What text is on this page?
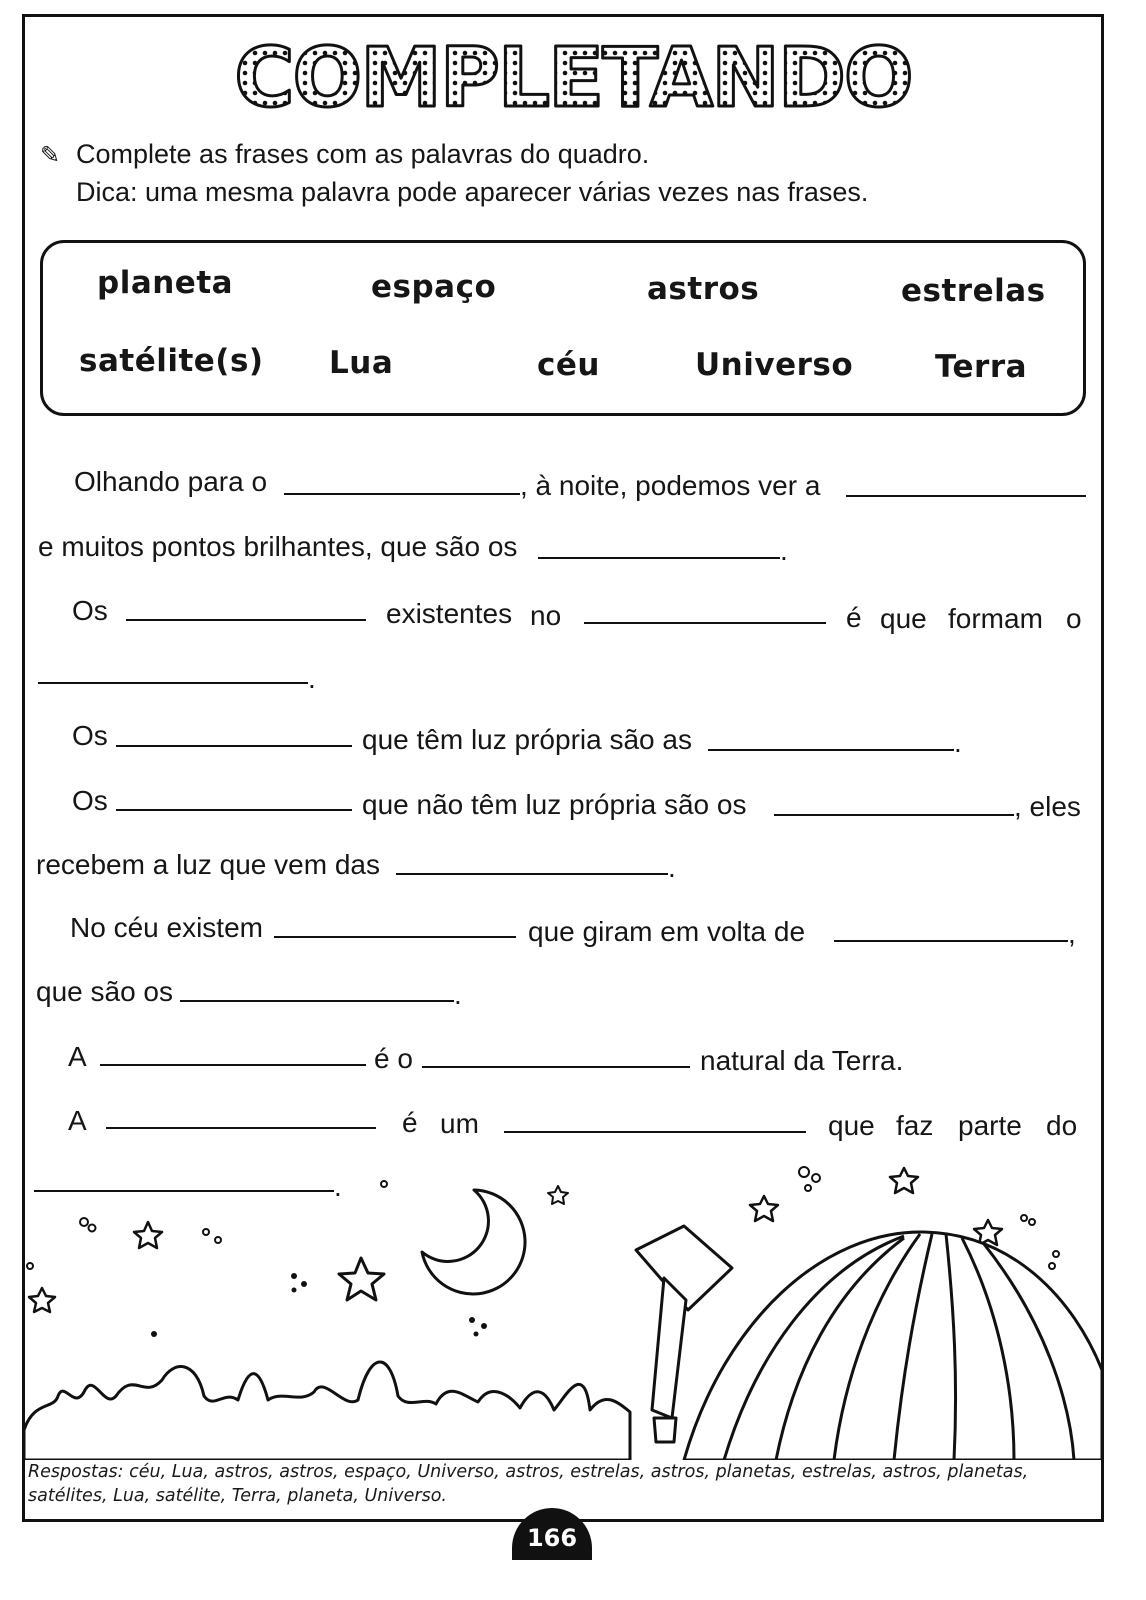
COMPLETANDO
✎ Complete as frases com as palavras do quadro.
Dica: uma mesma palavra pode aparecer várias vezes nas frases.
planeta	espaço	astros	estrelas
satélite(s) Lua	céu	Universo	Terra
Olhando para o	, à noite, podemos ver a
e muitos pontos brilhantes, que são os	.
Os	existentes no	é que formam o
.
Os	que têm luz própria são as	.
Os	que não têm luz própria são os	, eles
recebem a luz que vem das	.
No céu existem	que giram em volta de	,
que são os	.
A	é o	natural da Terra.
A	é um	que faz parte do
.
Respostas: céu, Lua, astros, astros, espaço, Universo, astros, estrelas, astros, planetas, estrelas, astros, planetas,
satélites, Lua, satélite, Terra, planeta, Universo.
166
